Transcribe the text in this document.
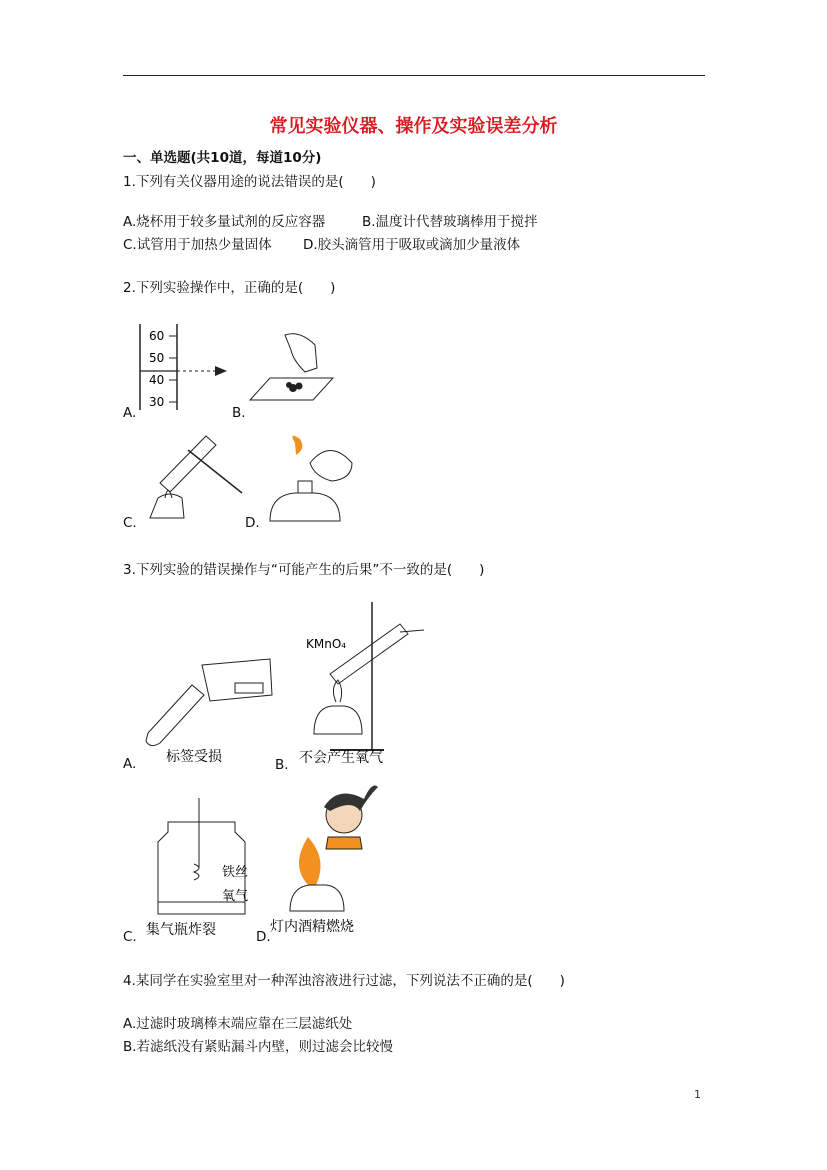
常见实验仪器、操作及实验误差分析
一、单选题(共10道，每道10分)
1.下列有关仪器用途的说法错误的是(　　)
A.烧杯用于较多量试剂的反应容器	B.温度计代替玻璃棒用于搅拌
C.试管用于加热少量固体 D.胶头滴管用于吸取或滴加少量液体
2.下列实验操作中，正确的是(　　)
60
50
40
30
A.	B.
C.	D.
3.下列实验的错误操作与“可能产生的后果”不一致的是(　　)
标签受损
A.
KMnO₄
不会产生氧气
B.
铁丝
氧气
集气瓶炸裂
C.
灯内酒精燃烧
D.
4.某同学在实验室里对一种浑浊溶液进行过滤，下列说法不正确的是(　　)
A.过滤时玻璃棒末端应靠在三层滤纸处
B.若滤纸没有紧贴漏斗内壁，则过滤会比较慢
1
